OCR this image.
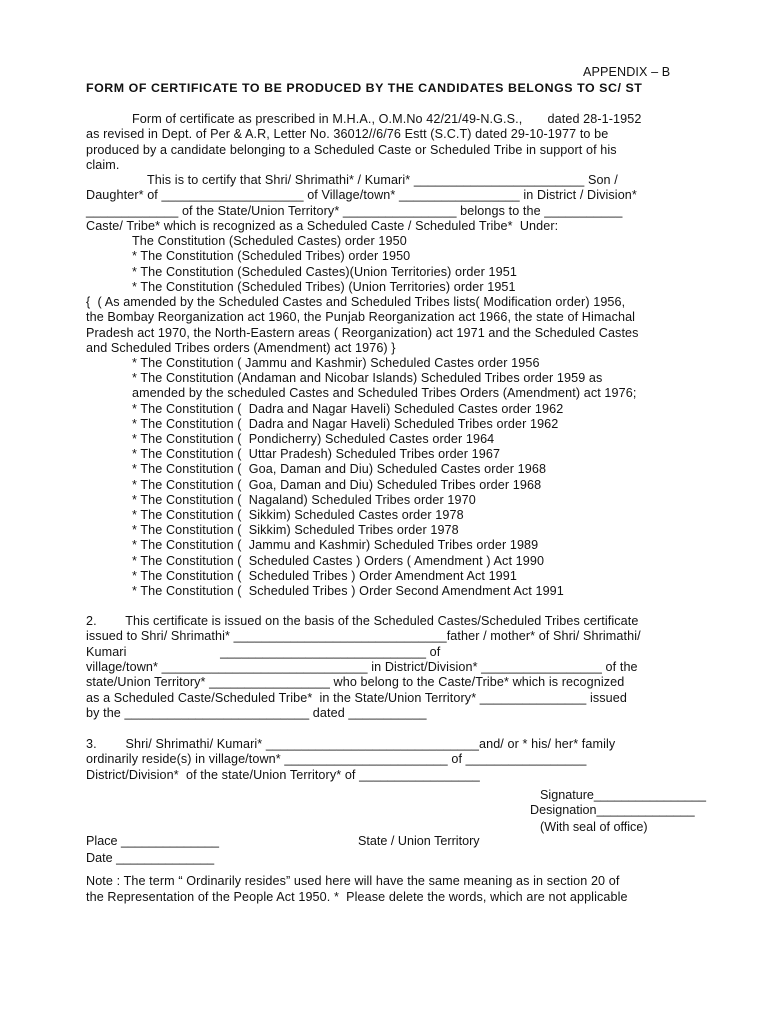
APPENDIX – B
FORM OF CERTIFICATE TO BE PRODUCED BY THE CANDIDATES BELONGS TO SC/ ST
Form of certificate as prescribed in M.H.A., O.M.No 42/21/49-N.G.S.,       dated 28-1-1952
as revised in Dept. of Per & A.R, Letter No. 36012//6/76 Estt (S.C.T) dated 29-10-1977 to be
produced by a candidate belonging to a Scheduled Caste or Scheduled Tribe in support of his
claim.
This is to certify that Shri/ Shrimathi* / Kumari* ________________________ Son /
Daughter* of ____________________ of Village/town* _________________ in District / Division*
_____________ of the State/Union Territory* ________________ belongs to the ___________
Caste/ Tribe* which is recognized as a Scheduled Caste / Scheduled Tribe*  Under:
The Constitution (Scheduled Castes) order 1950
* The Constitution (Scheduled Tribes) order 1950
* The Constitution (Scheduled Castes)(Union Territories) order 1951
* The Constitution (Scheduled Tribes) (Union Territories) order 1951
{  ( As amended by the Scheduled Castes and Scheduled Tribes lists( Modification order) 1956,
the Bombay Reorganization act 1960, the Punjab Reorganization act 1966, the state of Himachal
Pradesh act 1970, the North-Eastern areas ( Reorganization) act 1971 and the Scheduled Castes
and Scheduled Tribes orders (Amendment) act 1976) }
* The Constitution ( Jammu and Kashmir) Scheduled Castes order 1956
* The Constitution (Andaman and Nicobar Islands) Scheduled Tribes order 1959 as
amended by the scheduled Castes and Scheduled Tribes Orders (Amendment) act 1976;
* The Constitution (  Dadra and Nagar Haveli) Scheduled Castes order 1962
* The Constitution (  Dadra and Nagar Haveli) Scheduled Tribes order 1962
* The Constitution (  Pondicherry) Scheduled Castes order 1964
* The Constitution (  Uttar Pradesh) Scheduled Tribes order 1967
* The Constitution (  Goa, Daman and Diu) Scheduled Castes order 1968
* The Constitution (  Goa, Daman and Diu) Scheduled Tribes order 1968
* The Constitution (  Nagaland) Scheduled Tribes order 1970
* The Constitution (  Sikkim) Scheduled Castes order 1978
* The Constitution (  Sikkim) Scheduled Tribes order 1978
* The Constitution (  Jammu and Kashmir) Scheduled Tribes order 1989
* The Constitution (  Scheduled Castes ) Orders ( Amendment ) Act 1990
* The Constitution (  Scheduled Tribes ) Order Amendment Act 1991
* The Constitution (  Scheduled Tribes ) Order Second Amendment Act 1991
2.        This certificate is issued on the basis of the Scheduled Castes/Scheduled Tribes certificate
issued to Shri/ Shrimathi* ______________________________father / mother* of Shri/ Shrimathi/
Kumari                          _____________________________ of
village/town* _____________________________ in District/Division* _________________ of the
state/Union Territory* _________________ who belong to the Caste/Tribe* which is recognized
as a Scheduled Caste/Scheduled Tribe*  in the State/Union Territory* _______________ issued
by the __________________________ dated ___________
3.        Shri/ Shrimathi/ Kumari* ______________________________and/ or * his/ her* family
ordinarily reside(s) in village/town* _______________________ of _________________
District/Division*  of the state/Union Territory* of _________________
Note : The term “ Ordinarily resides” used here will have the same meaning as in section 20 of
the Representation of the People Act 1950. *  Please delete the words, which are not applicable
Signature________________
Designation______________
(With seal of office)
Place ______________	State / Union Territory
Date ______________
